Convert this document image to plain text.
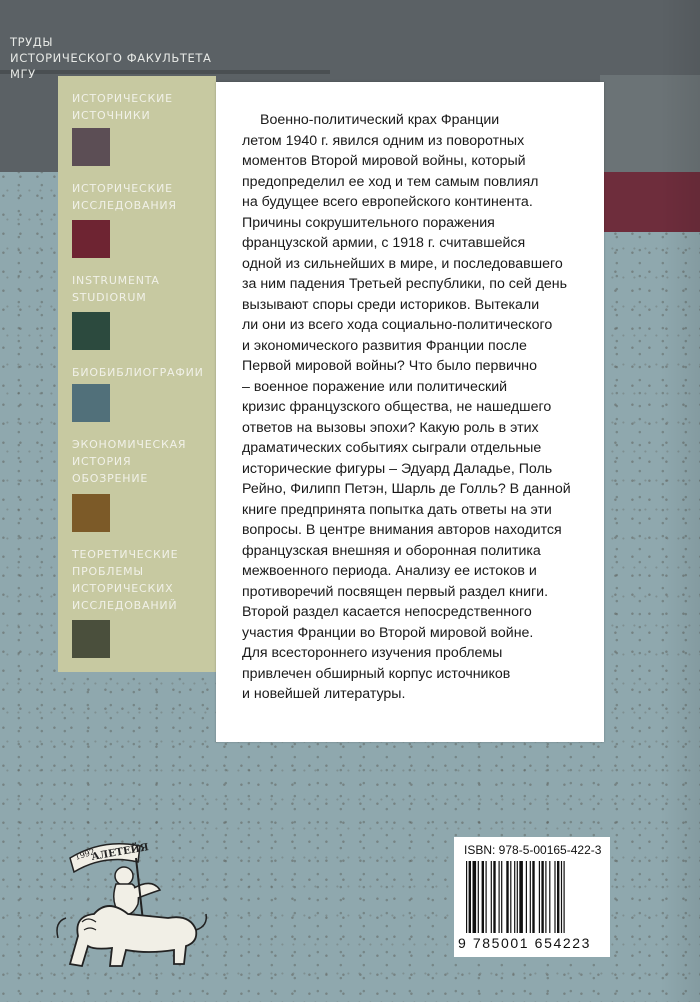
ТРУДЫ
ИСТОРИЧЕСКОГО ФАКУЛЬТЕТА
МГУ
ИСТОРИЧЕСКИЕ
ИСТОЧНИКИ
ИСТОРИЧЕСКИЕ
ИССЛЕДОВАНИЯ
INSTRUMENTA
STUDIORUM
БИОБИБЛИОГРАФИИ
ЭКОНОМИЧЕСКАЯ
ИСТОРИЯ
ОБОЗРЕНИЕ
ТЕОРЕТИЧЕСКИЕ
ПРОБЛЕМЫ
ИСТОРИЧЕСКИХ
ИССЛЕДОВАНИЙ
Военно-политический крах Франции
летом 1940 г. явился одним из поворотных
моментов Второй мировой войны, который
предопределил ее ход и тем самым повлиял
на будущее всего европейского континента.
Причины сокрушительного поражения
французской армии, с 1918 г. считавшейся
одной из сильнейших в мире, и последовавшего
за ним падения Третьей республики, по сей день
вызывают споры среди историков. Вытекали
ли они из всего хода социально-политического
и экономического развития Франции после
Первой мировой войны? Что было первично
– военное поражение или политический
кризис французского общества, не нашедшего
ответов на вызовы эпохи? Какую роль в этих
драматических событиях сыграли отдельные
исторические фигуры – Эдуард Даладье, Поль
Рейно, Филипп Петэн, Шарль де Голль? В данной
книге предпринята попытка дать ответы на эти
вопросы. В центре внимания авторов находится
французская внешняя и оборонная политика
межвоенного периода. Анализу ее истоков и
противоречий посвящен первый раздел книги.
Второй раздел касается непосредственного
участия Франции во Второй мировой войне.
Для всестороннего изучения проблемы
привлечен обширный корпус источников
и новейшей литературы.
1992
АЛЕТЕЙЯ	ISBN: 978-5-00165-422-3
9 785001 654223
